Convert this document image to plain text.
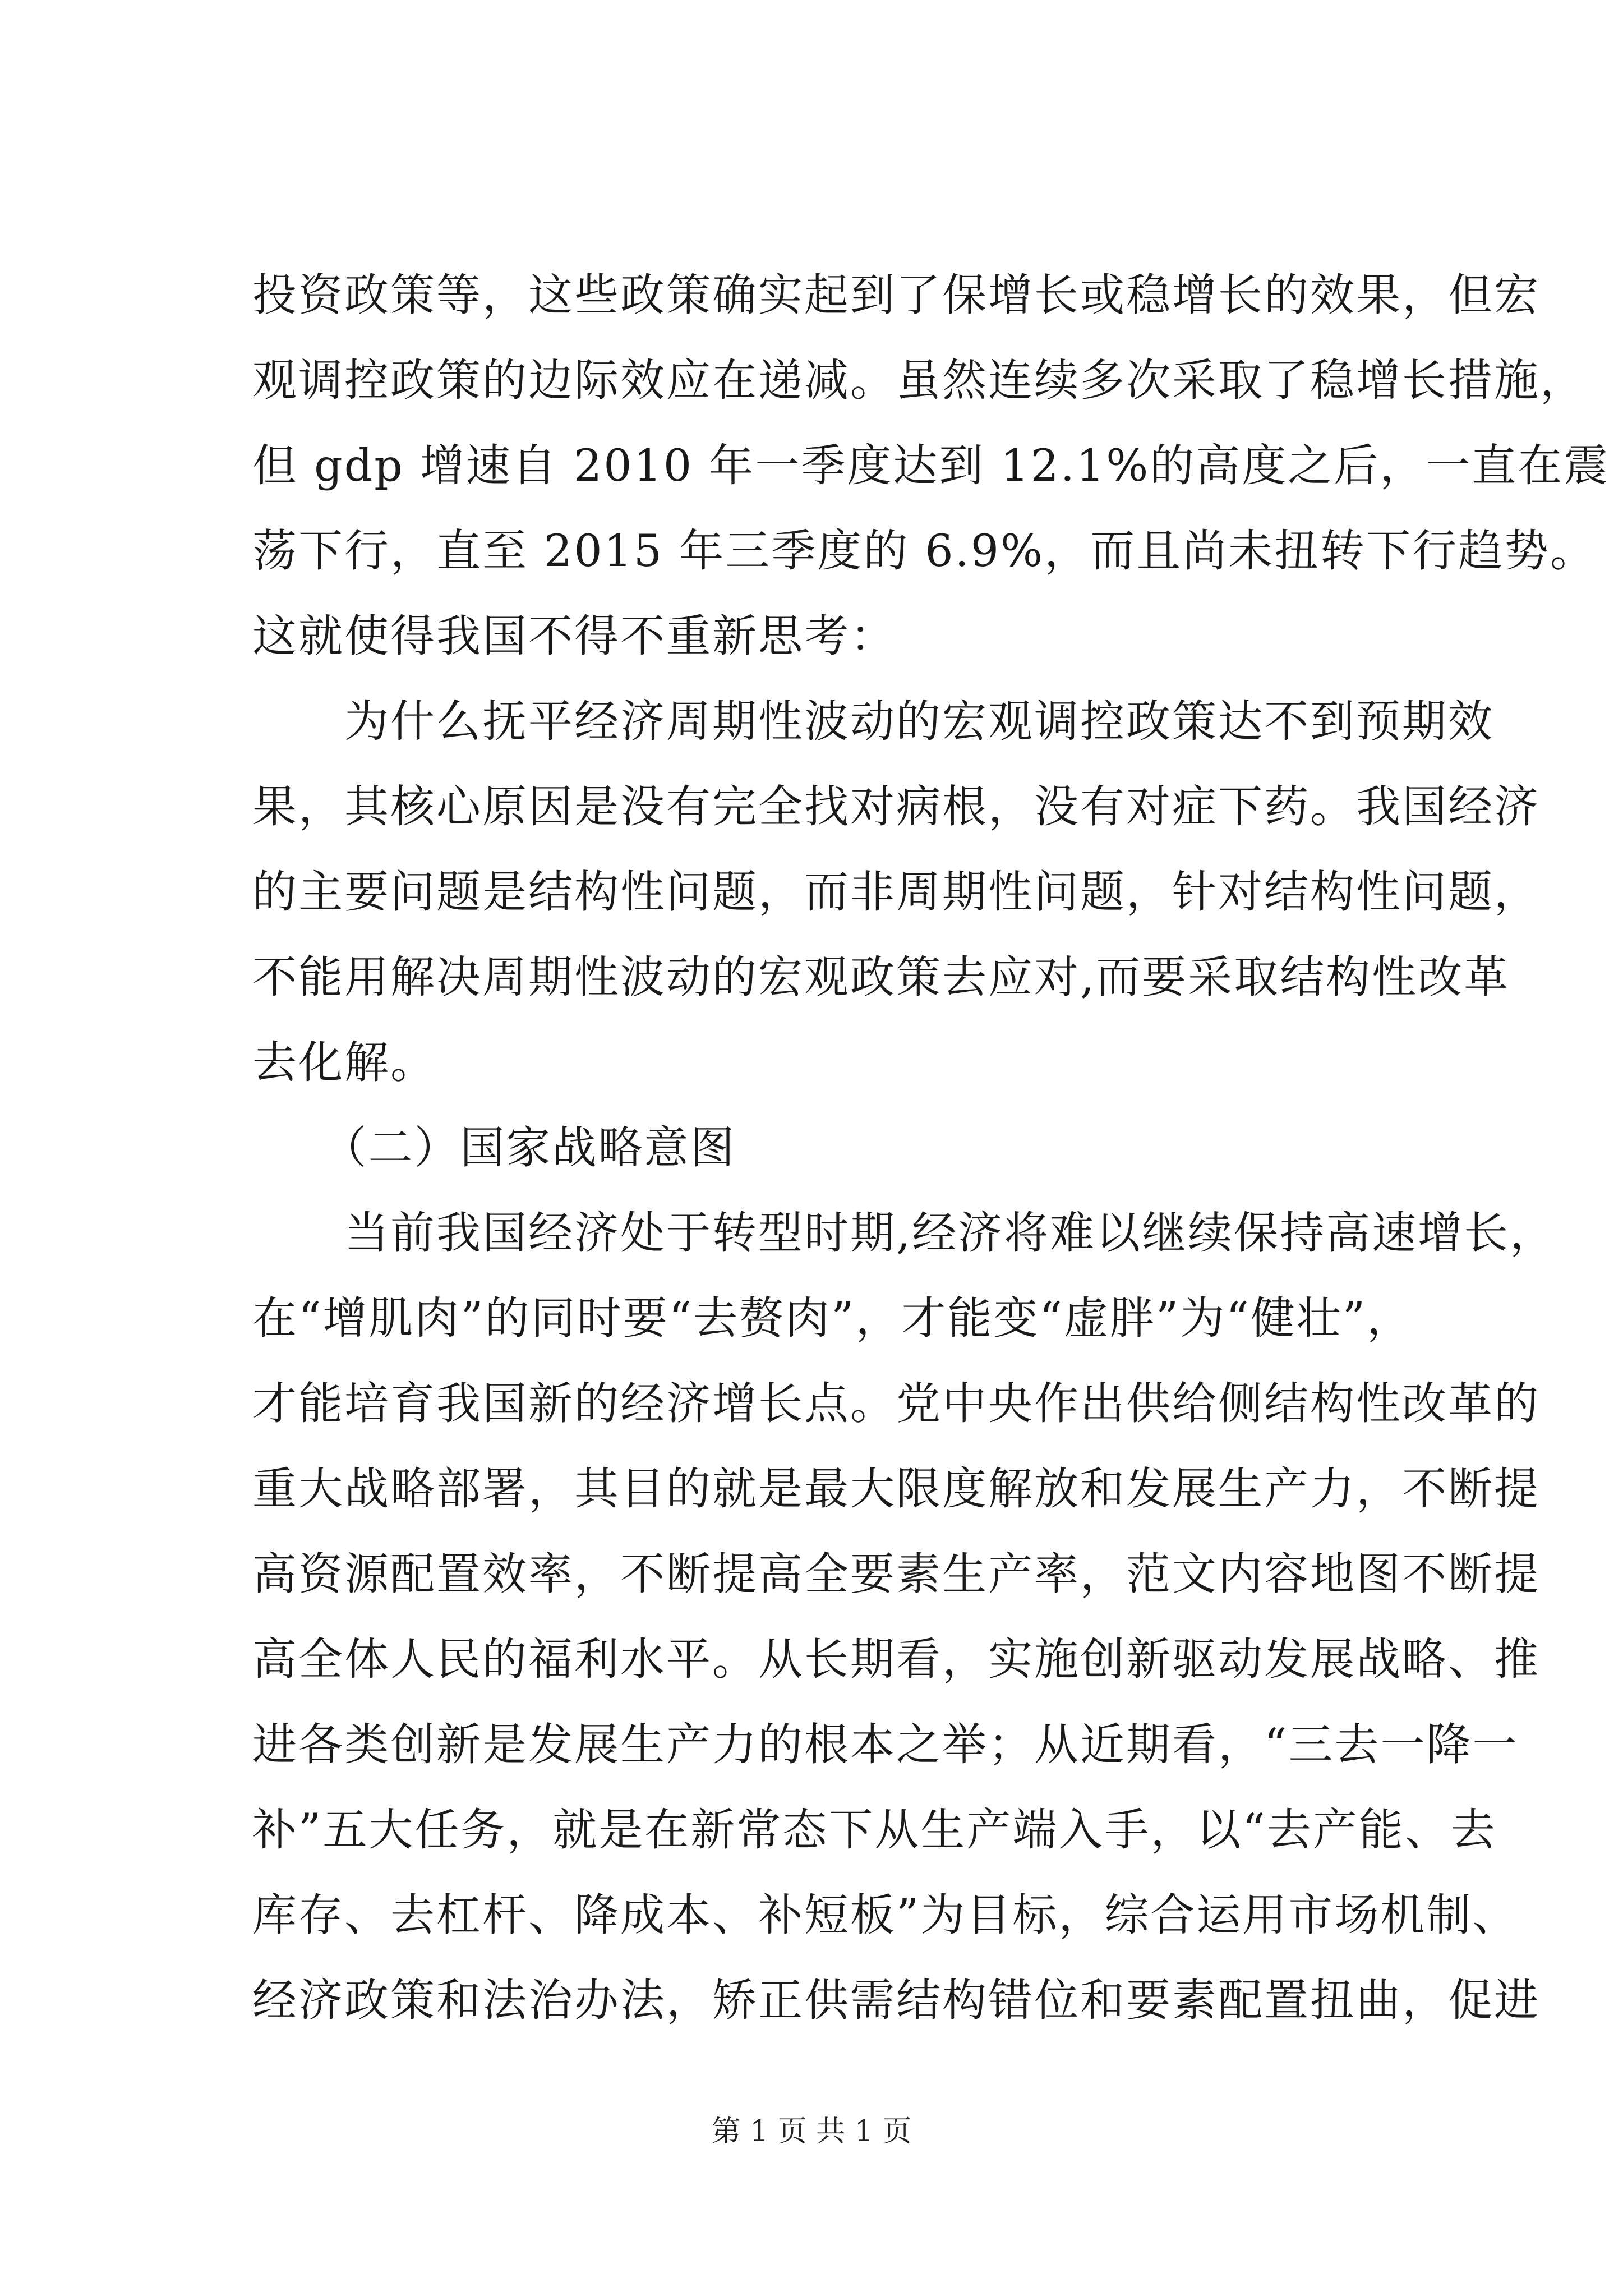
投资政策等，这些政策确实起到了保增长或稳增长的效果，但宏
观调控政策的边际效应在递减。虽然连续多次采取了稳增长措施，
但 gdp 增速自 2010 年一季度达到 12.1%的高度之后，一直在震
荡下行，直至 2015 年三季度的 6.9%，而且尚未扭转下行趋势。
这就使得我国不得不重新思考：
　　为什么抚平经济周期性波动的宏观调控政策达不到预期效
果，其核心原因是没有完全找对病根，没有对症下药。我国经济
的主要问题是结构性问题，而非周期性问题，针对结构性问题，
不能用解决周期性波动的宏观政策去应对,而要采取结构性改革
去化解。
　　（二）国家战略意图
　　当前我国经济处于转型时期,经济将难以继续保持高速增长，
在“增肌肉”的同时要“去赘肉”，才能变“虚胖”为“健壮”，
才能培育我国新的经济增长点。党中央作出供给侧结构性改革的
重大战略部署，其目的就是最大限度解放和发展生产力，不断提
高资源配置效率，不断提高全要素生产率，范文内容地图不断提
高全体人民的福利水平。从长期看，实施创新驱动发展战略、推
进各类创新是发展生产力的根本之举；从近期看，“三去一降一
补”五大任务，就是在新常态下从生产端入手，以“去产能、去
库存、去杠杆、降成本、补短板”为目标，综合运用市场机制、
经济政策和法治办法，矫正供需结构错位和要素配置扭曲，促进
第 1 页 共 1 页
